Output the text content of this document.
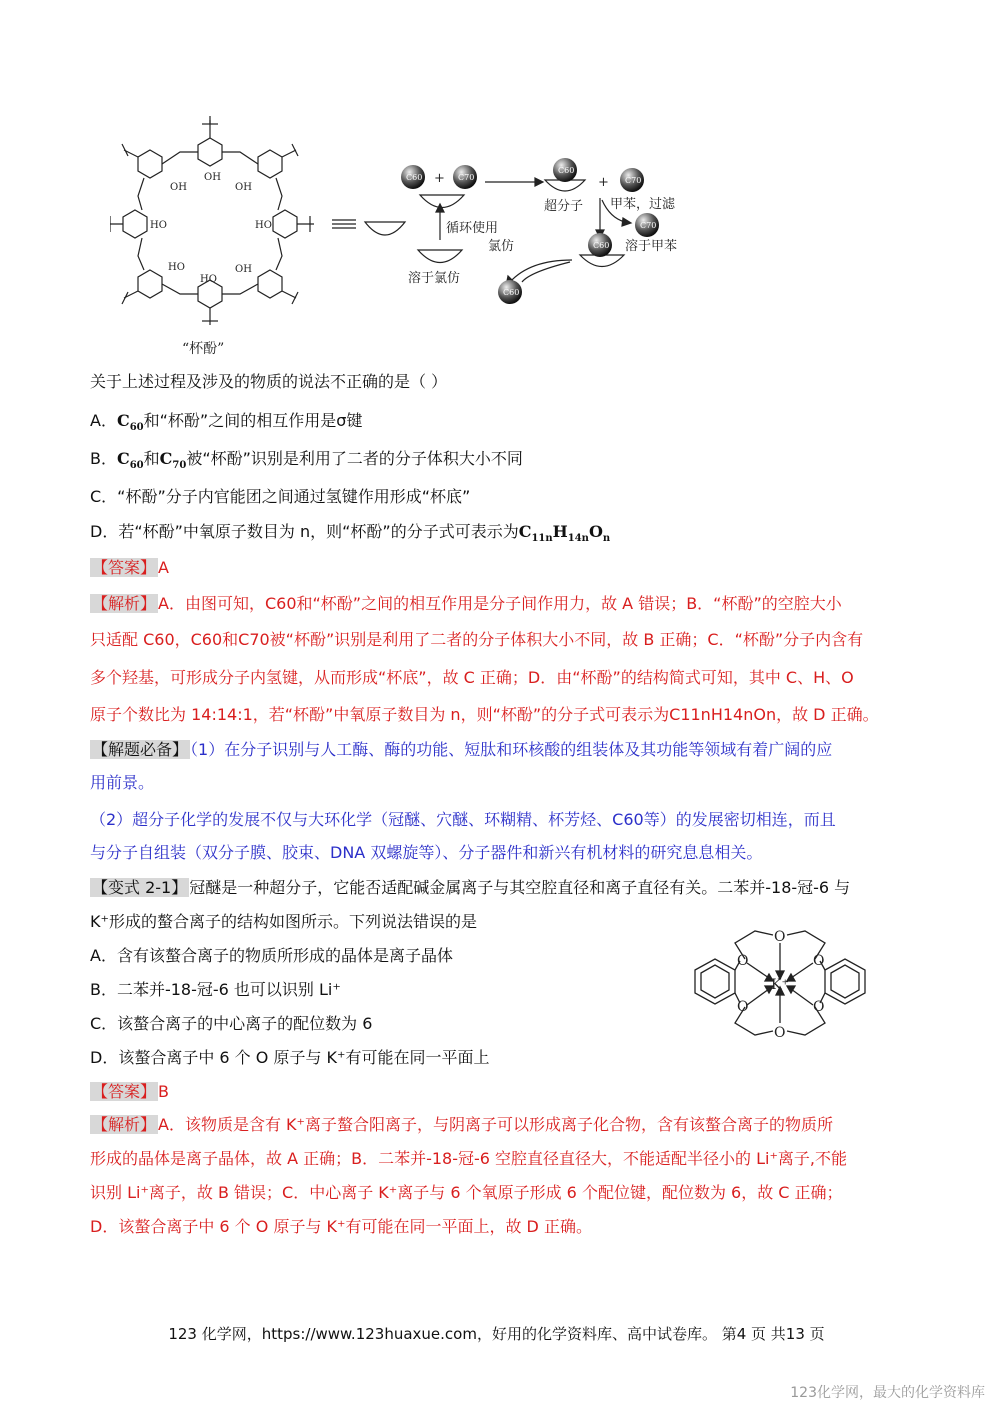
OH
OH	OH
HO	HO
HO
HO
OH
“杯酚”
C60	C70
C60
C70
C70
C60
C60
+	+
超分子 甲苯，过滤
溶于甲苯
循环使用
氯仿
溶于氯仿
关于上述过程及涉及的物质的说法不正确的是（ ）
A．$C_{60}$和“杯酚”之间的相互作用是σ键
B．$C_{60}$和$C_{70}$被“杯酚”识别是利用了二者的分子体积大小不同
C．“杯酚”分子内官能团之间通过氢键作用形成“杯底”
D．若“杯酚”中氧原子数目为 n，则“杯酚”的分子式可表示为$C_{11n}H_{14n}O_n$
【答案】 A
【解析】 A．由图可知，C60和“杯酚”之间的相互作用是分子间作用力，故 A 错误；B．“杯酚”的空腔大小
只适配 C60，C60和C70被“杯酚”识别是利用了二者的分子体积大小不同，故 B 正确；C．“杯酚”分子内含有
多个羟基，可形成分子内氢键，从而形成“杯底”，故 C 正确；D．由“杯酚”的结构简式可知，其中 C、H、O
原子个数比为 14:14:1，若“杯酚”中氧原子数目为 n，则“杯酚”的分子式可表示为C11nH14nOn，故 D 正确。
【解题必备】 （1）在分子识别与人工酶、酶的功能、短肽和环核酸的组装体及其功能等领域有着广阔的应
用前景。
（2）超分子化学的发展不仅与大环化学（冠醚、穴醚、环糊精、杯芳烃、C60等）的发展密切相连，而且
与分子自组装（双分子膜、胶束、DNA 双螺旋等）、分子器件和新兴有机材料的研究息息相关。
【变式 2-1】 冠醚是一种超分子，它能否适配碱金属离子与其空腔直径和离子直径有关。二苯并-18-冠-6 与
K⁺形成的螯合离子的结构如图所示。下列说法错误的是
A．含有该螯合离子的物质所形成的晶体是离子晶体
B．二苯并-18-冠-6 也可以识别 Li⁺
C．该螯合离子的中心离子的配位数为 6
D．该螯合离子中 6 个 O 原子与 K⁺有可能在同一平面上
O
O
O	O
O	O
K⁺
【答案】 B
【解析】 A．该物质是含有 K⁺离子螯合阳离子，与阴离子可以形成离子化合物，含有该螯合离子的物质所
形成的晶体是离子晶体，故 A 正确；B．二苯并-18-冠-6 空腔直径直径大，不能适配半径小的 Li⁺离子,不能
识别 Li⁺离子，故 B 错误；C．中心离子 K⁺离子与 6 个氧原子形成 6 个配位键，配位数为 6，故 C 正确；
D．该螯合离子中 6 个 O 原子与 K⁺有可能在同一平面上，故 D 正确。
123 化学网，https://www.123huaxue.com，好用的化学资料库、高中试卷库。 第4 页 共13 页
123化学网，最大的化学资料库
